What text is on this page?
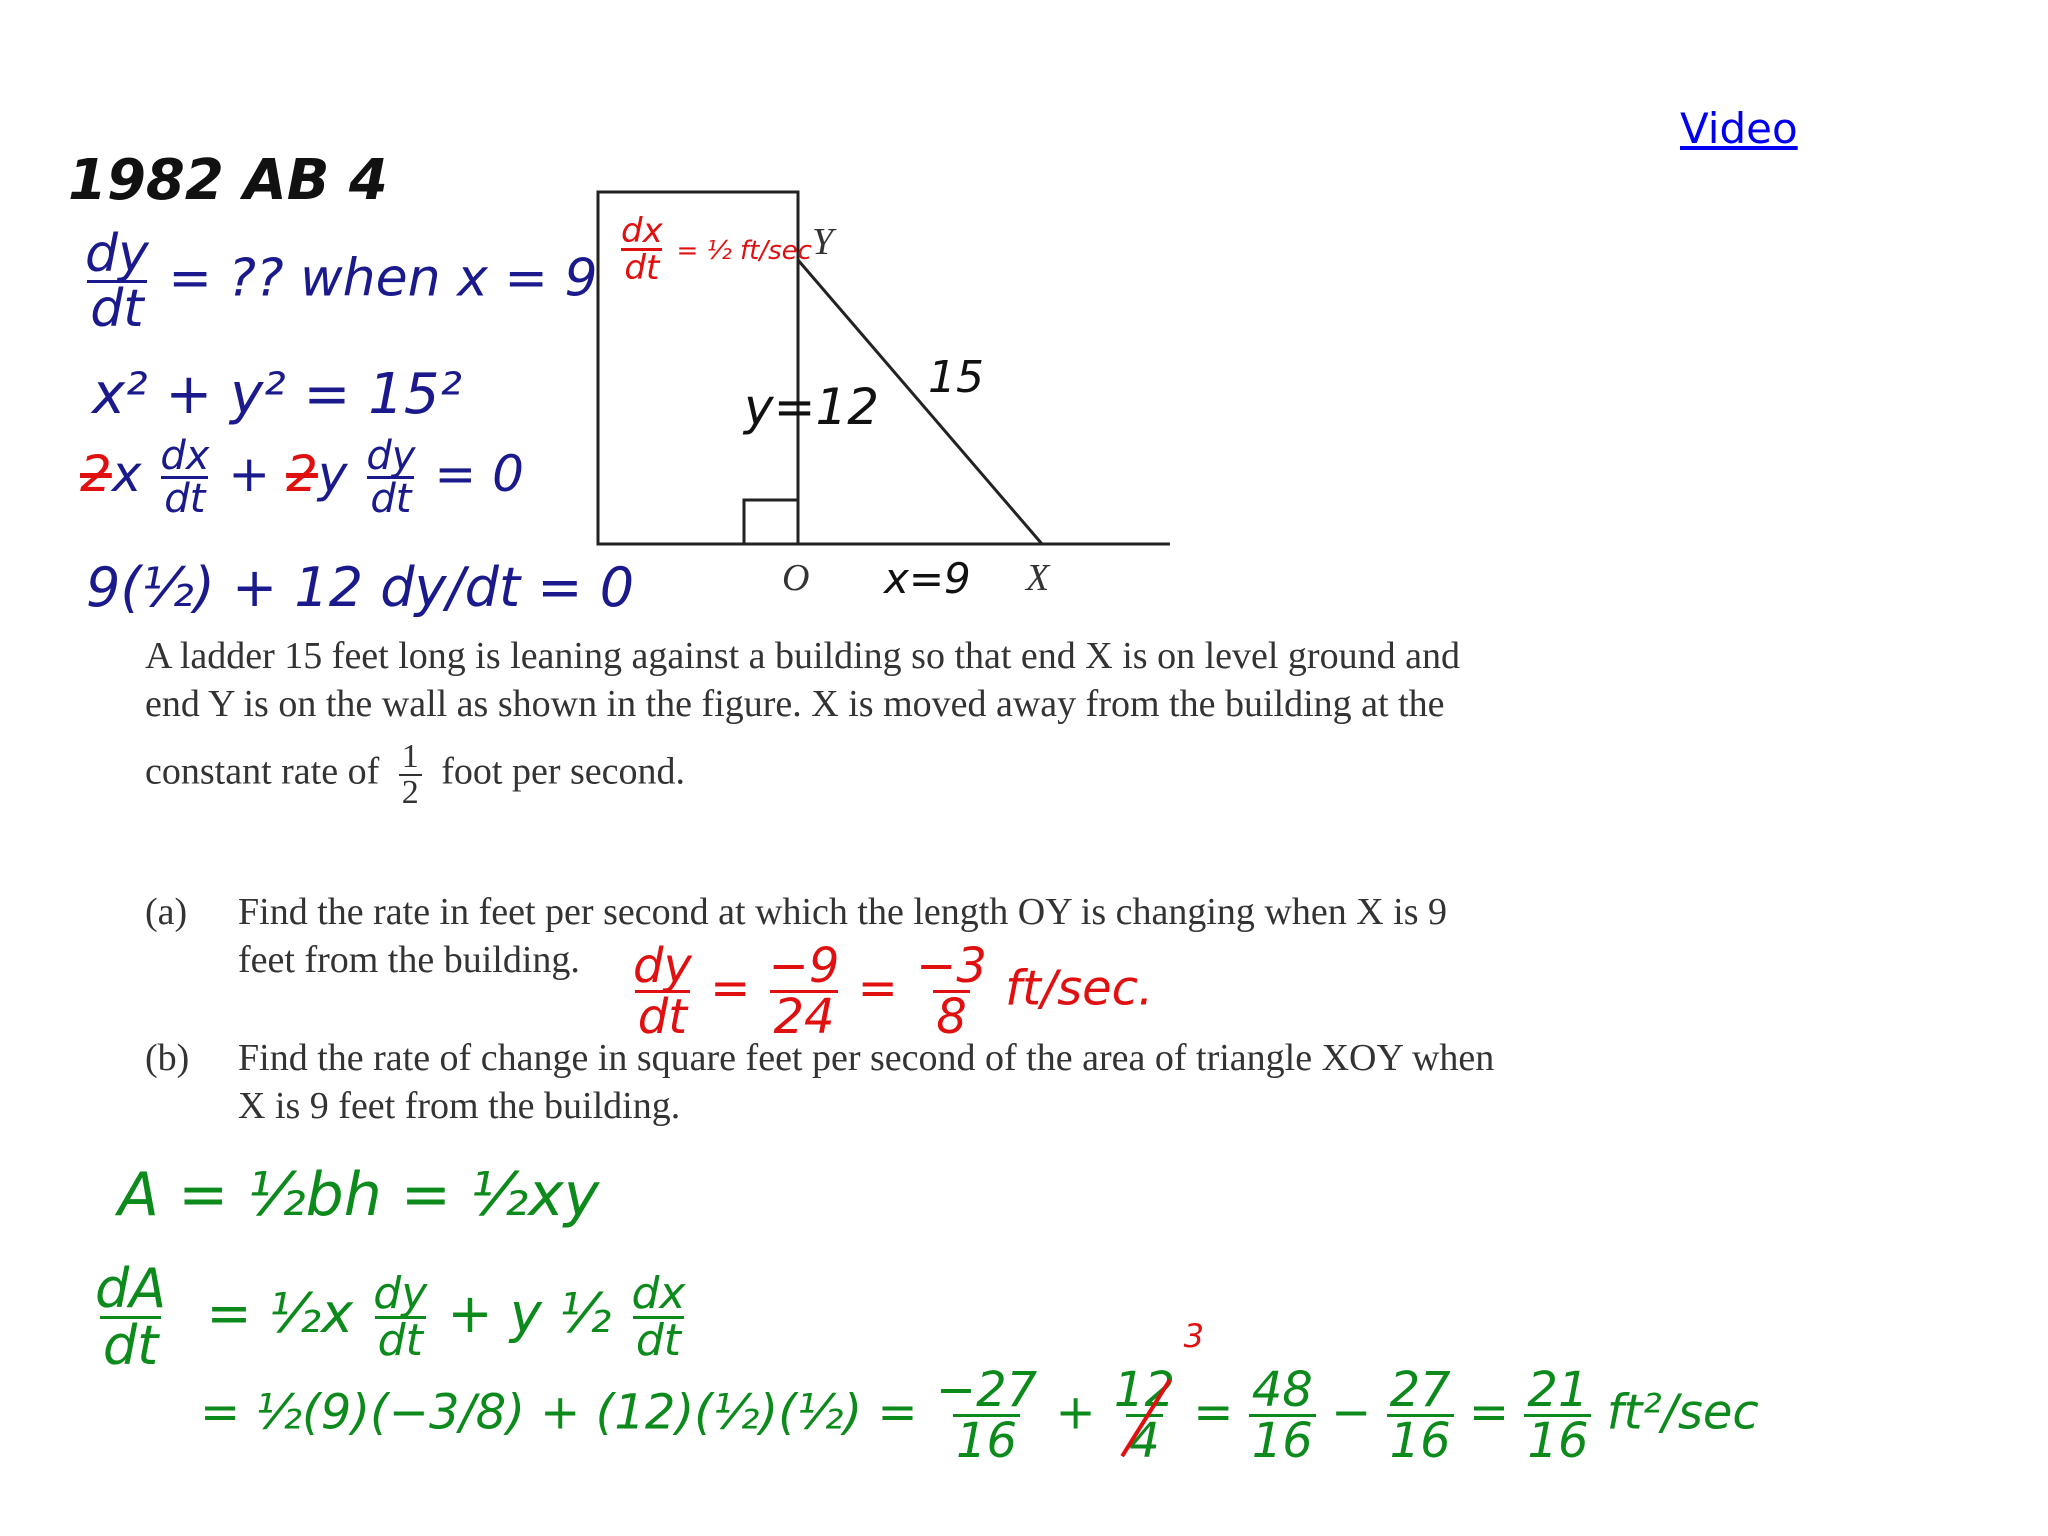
Video
1982 AB 4
$\frac{dy}{dt}$ = ?? when x = 9
x² + y² = 15²
$2x \frac{dx}{dt} + 2y \frac{dy}{dt} = 0$
9(¹⁄₂) + 12 dy/dt = 0
Y
O	X
$\frac{dx}{dt}$ = ½ ft/sec
y=12
15
x=9
A ladder 15 feet long is leaning against a building so that end X is on level ground and
end Y is on the wall as shown in the figure. X is moved away from the building at the
constant rate of $\frac{1}{2}$ foot per second.
(a) Find the rate in feet per second at which the length OY is changing when X is 9
feet from the building. $\frac{dy}{dt} = \frac{-9}{24} = \frac{-3}{8} ft/\sec$.
(b) Find the rate of change in square feet per second of the area of triangle XOY when
X is 9 feet from the building.
A = ½bh = ½xy
$\frac{dA}{dt}$ = ½x $\frac{dy}{dt} + y$ ½ $\frac{dx}{dt}$
= ½(9)(−3/8) + (12)(½)(½) = $\frac{-27}{16} + 12$
4
3
= $\frac{48}{16} - \frac{27}{16} = \frac{21}{16} ft^2/\sec$
